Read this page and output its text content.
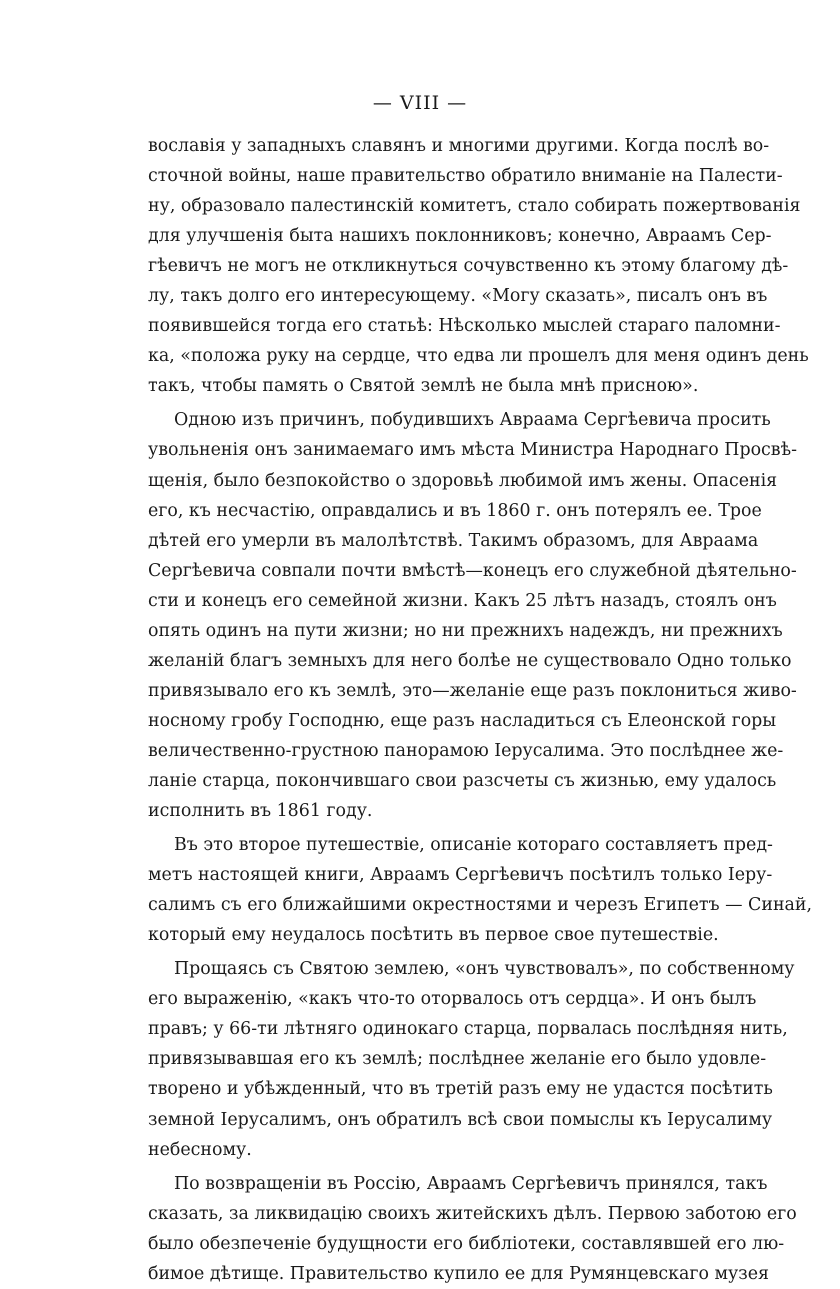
— VIII —
вославія у западныхъ славянъ и многими другими. Когда послѣ во-
сточной войны, наше правительство обратило вниманіе на Палести-
ну, образовало палестинскій комитетъ, стало собирать пожертвованія
для улучшенія быта нашихъ поклонниковъ; конечно, Авраамъ Сер-
гѣевичъ не могъ не откликнуться сочувственно къ этому благому дѣ-
лу, такъ долго его интересующему. «Могу сказать», писалъ онъ въ
появившейся тогда его статьѣ: Нѣсколько мыслей стараго паломни-
ка, «положа руку на сердце, что едва ли прошелъ для меня одинъ день
такъ, чтобы память о Святой землѣ не была мнѣ присною».
Одною изъ причинъ, побудившихъ Авраама Сергѣевича просить
увольненія онъ занимаемаго имъ мѣста Министра Народнаго Просвѣ-
щенія, было безпокойство о здоровьѣ любимой имъ жены. Опасенія
его, къ несчастію, оправдались и въ 1860 г. онъ потерялъ ее. Трое
дѣтей его умерли въ малолѣтствѣ. Такимъ образомъ, для Авраама
Сергѣевича совпали почти вмѣстѣ—конецъ его служебной дѣятельно-
сти и конецъ его семейной жизни. Какъ 25 лѣтъ назадъ, стоялъ онъ
опять одинъ на пути жизни; но ни прежнихъ надеждъ, ни прежнихъ
желаній благъ земныхъ для него болѣе не существовало Одно только
привязывало его къ землѣ, это—желаніе еще разъ поклониться живо-
носному гробу Господню, еще разъ насладиться съ Елеонской горы
величественно-грустною панорамою Іерусалима. Это послѣднее же-
ланіе старца, покончившаго свои разсчеты съ жизнью, ему удалось
исполнить въ 1861 году.
Въ это второе путешествіе, описаніе котораго составляетъ пред-
метъ настоящей книги, Авраамъ Сергѣевичъ посѣтилъ только Іеру-
салимъ съ его ближайшими окрестностями и черезъ Египетъ — Синай,
который ему неудалось посѣтить въ первое свое путешествіе.
Прощаясь съ Святою землею, «онъ чувствовалъ», по собственному
его выраженію, «какъ что-то оторвалось отъ сердца». И онъ былъ
правъ; у 66-ти лѣтняго одинокаго старца, порвалась послѣдняя нить,
привязывавшая его къ землѣ; послѣднее желаніе его было удовле-
творено и убѣжденный, что въ третій разъ ему не удастся посѣтить
земной Іерусалимъ, онъ обратилъ всѣ свои помыслы къ Іерусалиму
небесному.
По возвращеніи въ Россію, Авраамъ Сергѣевичъ принялся, такъ
сказать, за ликвидацію своихъ житейскихъ дѣлъ. Первою заботою его
было обезпеченіе будущности его библіотеки, составлявшей его лю-
бимое дѣтище. Правительство купило ее для Румянцевскаго музея
